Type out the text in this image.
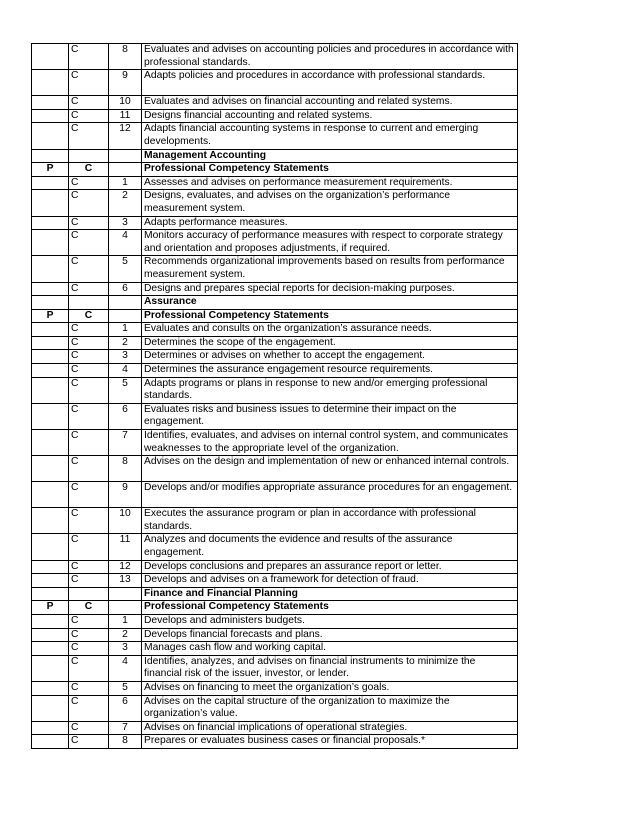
	C	8	Evaluates and advises on accounting policies and procedures in accordance with professional standards.
	C	9	Adapts policies and procedures in accordance with professional standards.
	C	10	Evaluates and advises on financial accounting and related systems.
	C	11	Designs financial accounting and related systems.
	C	12	Adapts financial accounting systems in response to current and emerging developments.
			Management Accounting
P	C		Professional Competency Statements
	C	1	Assesses and advises on performance measurement requirements.
	C	2	Designs, evaluates, and advises on the organization’s performance measurement system.
	C	3	Adapts performance measures.
	C	4	Monitors accuracy of performance measures with respect to corporate strategy and orientation and proposes adjustments, if required.
	C	5	Recommends organizational improvements based on results from performance measurement system.
	C	6	Designs and prepares special reports for decision-making purposes.
			Assurance
P	C		Professional Competency Statements
	C	1	Evaluates and consults on the organization’s assurance needs.
	C	2	Determines the scope of the engagement.
	C	3	Determines or advises on whether to accept the engagement.
	C	4	Determines the assurance engagement resource requirements.
	C	5	Adapts programs or plans in response to new and/or emerging professional standards.
	C	6	Evaluates risks and business issues to determine their impact on the engagement.
	C	7	Identifies, evaluates, and advises on internal control system, and communicates weaknesses to the appropriate level of the organization.
	C	8	Advises on the design and implementation of new or enhanced internal controls.
	C	9	Develops and/or modifies appropriate assurance procedures for an engagement.
	C	10	Executes the assurance program or plan in accordance with professional standards.
	C	11	Analyzes and documents the evidence and results of the assurance engagement.
	C	12	Develops conclusions and prepares an assurance report or letter.
	C	13	Develops and advises on a framework for detection of fraud.
			Finance and Financial Planning
P	C		Professional Competency Statements
	C	1	Develops and administers budgets.
	C	2	Develops financial forecasts and plans.
	C	3	Manages cash flow and working capital.
	C	4	Identifies, analyzes, and advises on financial instruments to minimize the financial risk of the issuer, investor, or lender.
	C	5	Advises on financing to meet the organization’s goals.
	C	6	Advises on the capital structure of the organization to maximize the organization’s value.
	C	7	Advises on financial implications of operational strategies.
	C	8	Prepares or evaluates business cases or financial proposals.*
